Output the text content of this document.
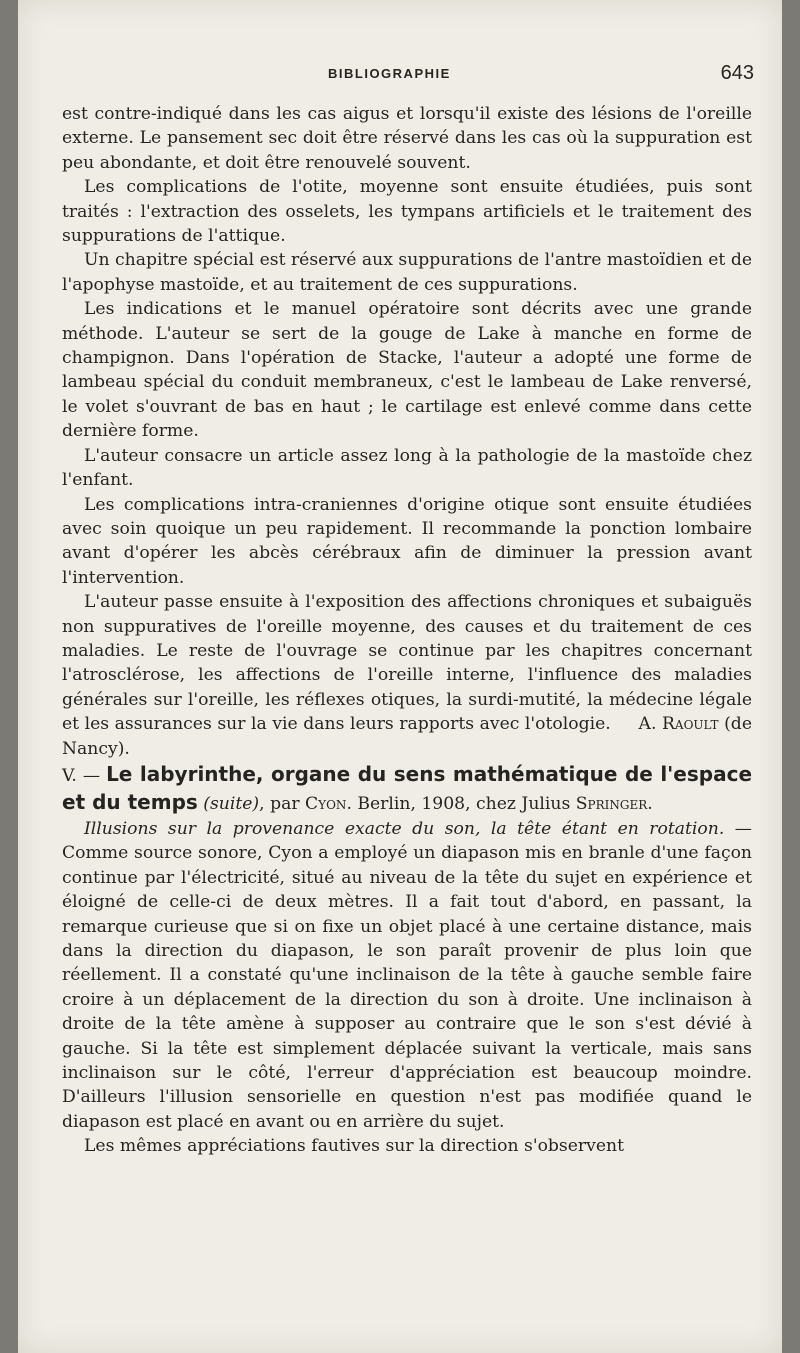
BIBLIOGRAPHIE	643

est contre-indiqué dans les cas aigus et lorsqu'il existe des lésions de l'oreille externe. Le pansement sec doit être réservé dans les cas où la suppuration est peu abondante, et doit être renouvelé souvent.

Les complications de l'otite, moyenne sont ensuite étudiées, puis sont traités : l'extraction des osselets, les tympans artificiels et le traitement des suppurations de l'attique.

Un chapitre spécial est réservé aux suppurations de l'antre mastoïdien et de l'apophyse mastoïde, et au traitement de ces suppurations.

Les indications et le manuel opératoire sont décrits avec une grande méthode. L'auteur se sert de la gouge de Lake à manche en forme de champignon. Dans l'opération de Stacke, l'auteur a adopté une forme de lambeau spécial du conduit membraneux, c'est le lambeau de Lake renversé, le volet s'ouvrant de bas en haut ; le cartilage est enlevé comme dans cette dernière forme.

L'auteur consacre un article assez long à la pathologie de la mastoïde chez l'enfant.

Les complications intra-craniennes d'origine otique sont ensuite étudiées avec soin quoique un peu rapidement. Il recommande la ponction lombaire avant d'opérer les abcès cérébraux afin de diminuer la pression avant l'intervention.

L'auteur passe ensuite à l'exposition des affections chroniques et subaiguës non suppuratives de l'oreille moyenne, des causes et du traitement de ces maladies. Le reste de l'ouvrage se continue par les chapitres concernant l'atrosclérose, les affections de l'oreille interne, l'influence des maladies générales sur l'oreille, les réflexes otiques, la surdi-mutité, la médecine légale et les assurances sur la vie dans leurs rapports avec l'otologie. A. Raoult (de Nancy).

V. — Le labyrinthe, organe du sens mathématique de l'espace et du temps (suite), par Cyon. Berlin, 1908, chez Julius Springer.

Illusions sur la provenance exacte du son, la tête étant en rotation. — Comme source sonore, Cyon a employé un diapason mis en branle d'une façon continue par l'électricité, situé au niveau de la tête du sujet en expérience et éloigné de celle-ci de deux mètres. Il a fait tout d'abord, en passant, la remarque curieuse que si on fixe un objet placé à une certaine distance, mais dans la direction du diapason, le son paraît provenir de plus loin que réellement. Il a constaté qu'une inclinaison de la tête à gauche semble faire croire à un déplacement de la direction du son à droite. Une inclinaison à droite de la tête amène à supposer au contraire que le son s'est dévié à gauche. Si la tête est simplement déplacée suivant la verticale, mais sans inclinaison sur le côté, l'erreur d'appréciation est beaucoup moindre. D'ailleurs l'illusion sensorielle en question n'est pas modifiée quand le diapason est placé en avant ou en arrière du sujet.

Les mêmes appréciations fautives sur la direction s'observent
